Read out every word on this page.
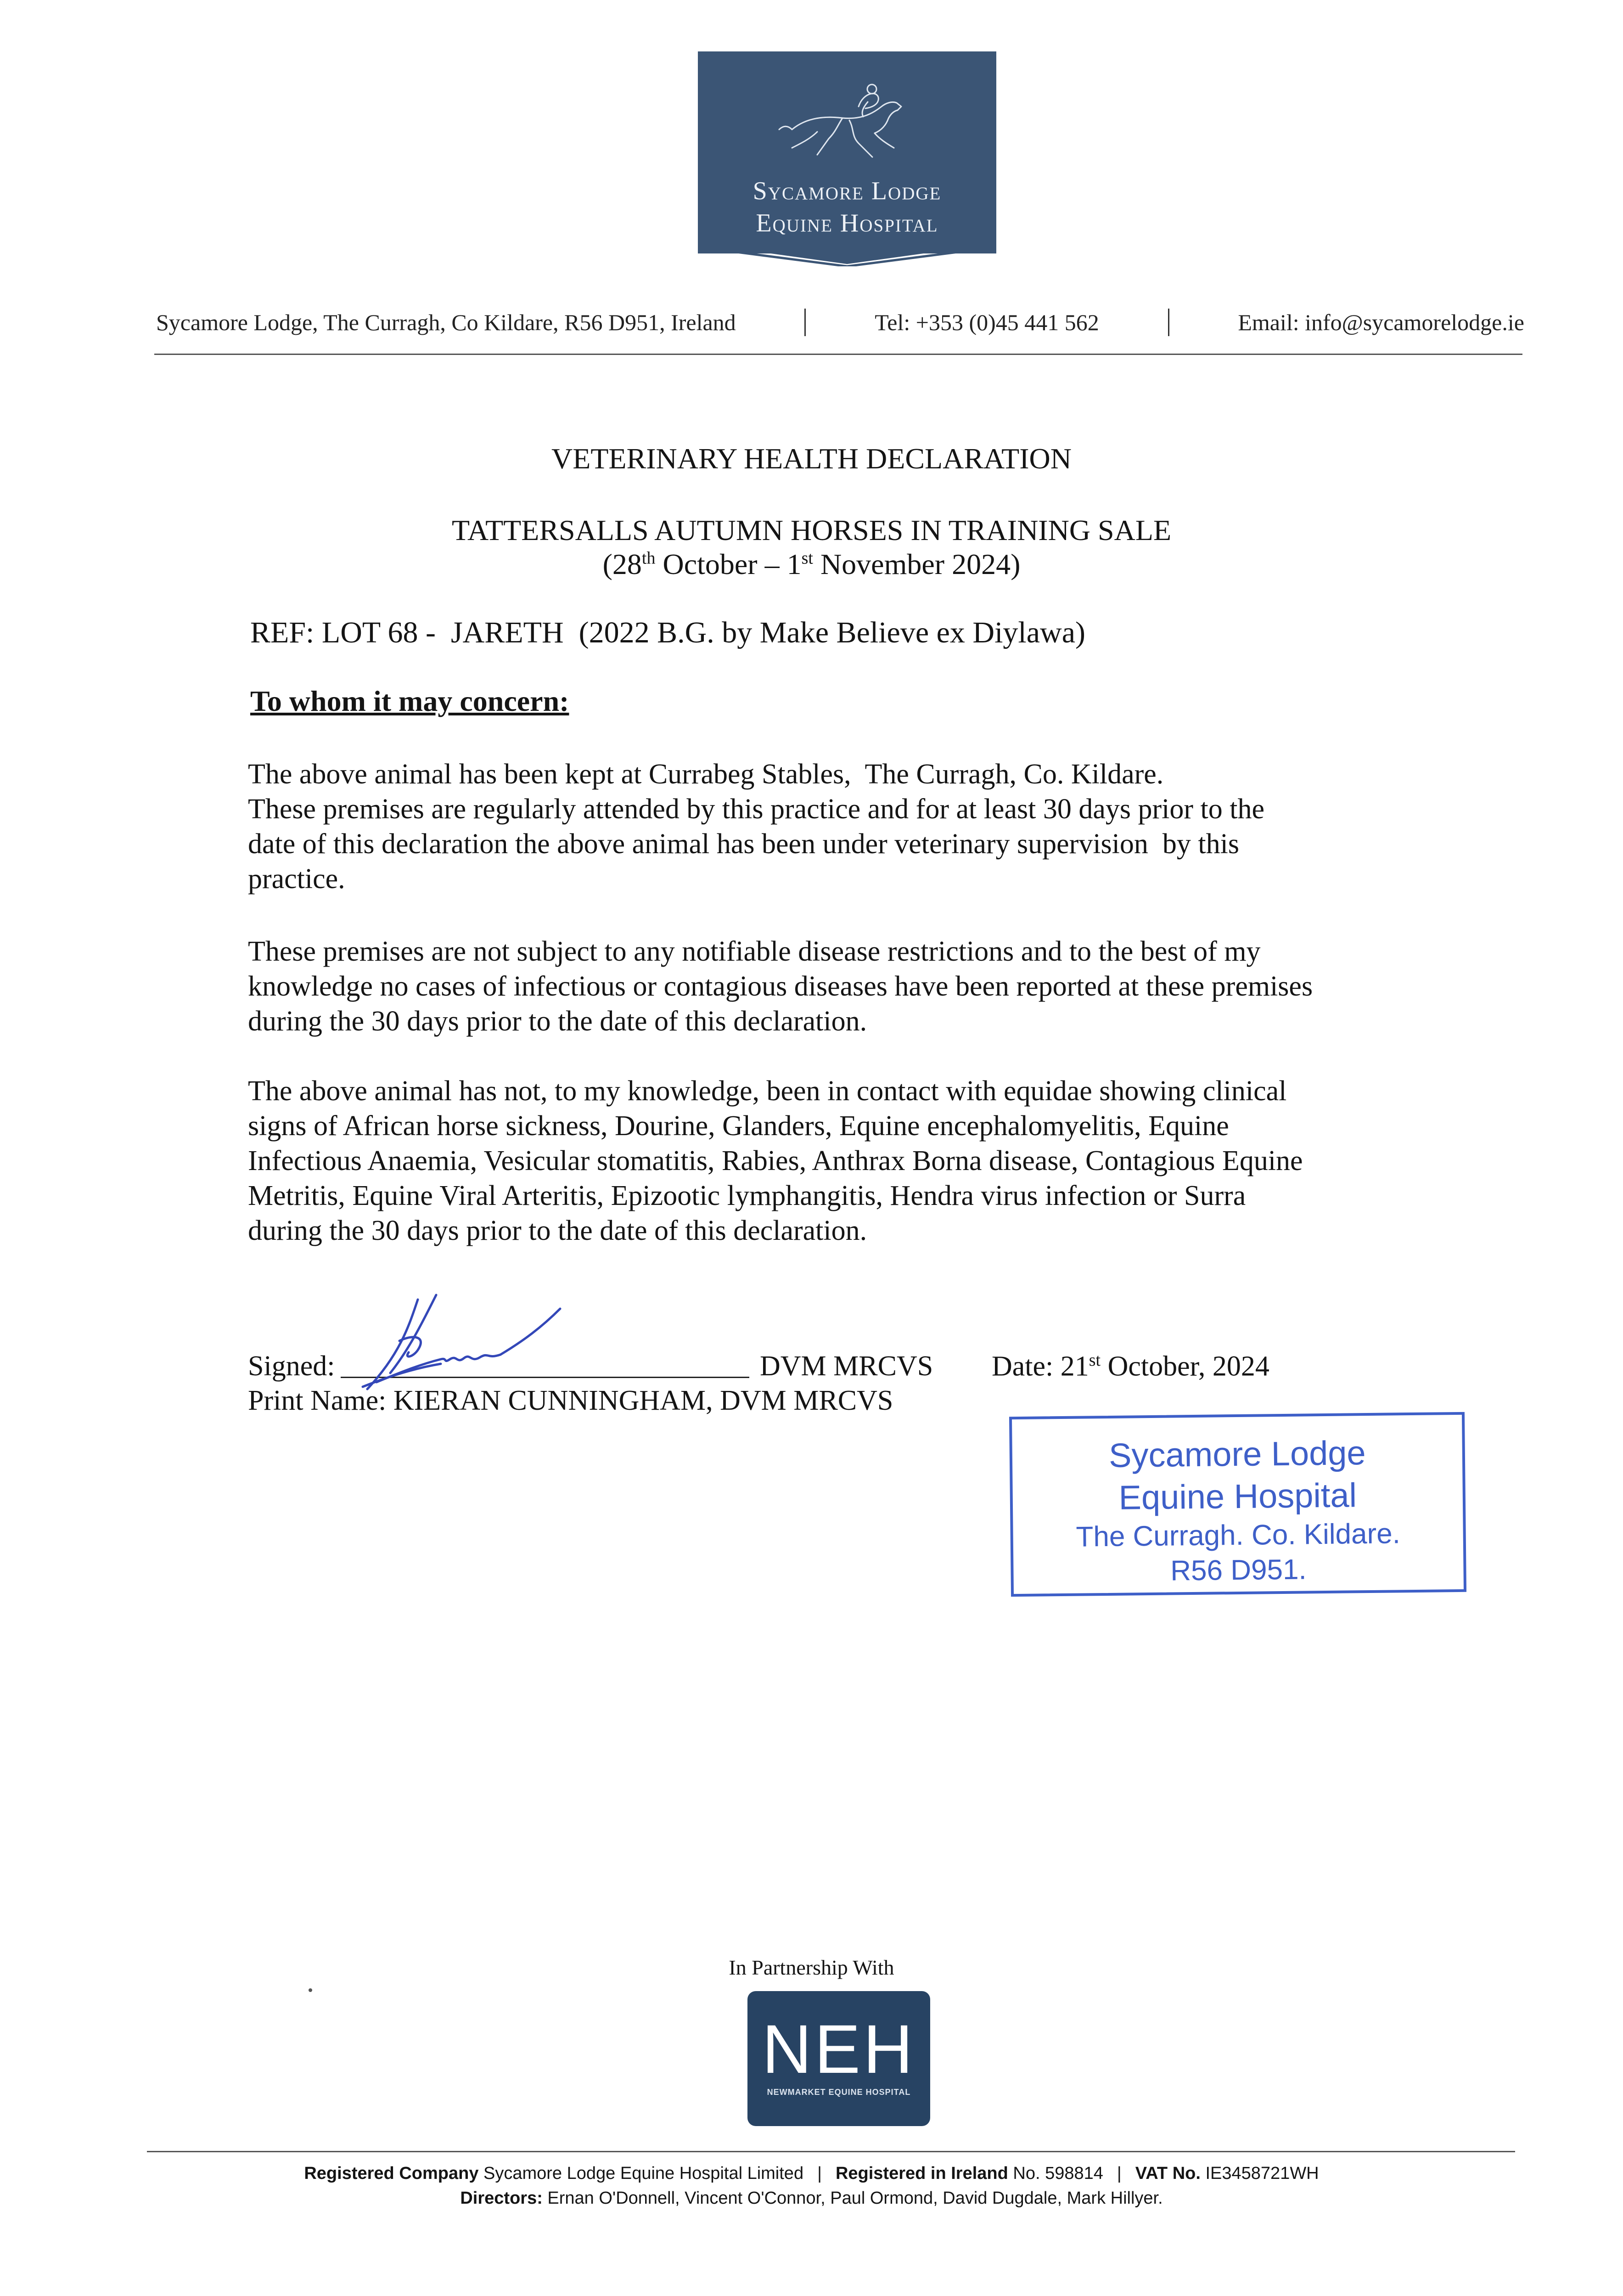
Sycamore Lodge
Equine Hospital
Sycamore Lodge, The Curragh, Co Kildare, R56 D951, Ireland	Tel: +353 (0)45 441 562	Email: info@sycamorelodge.ie
VETERINARY HEALTH DECLARATION
TATTERSALLS AUTUMN HORSES IN TRAINING SALE
(28th October – 1st November 2024)
REF: LOT 68 -  JARETH  (2022 B.G. by Make Believe ex Diylawa)
To whom it may concern:
The above animal has been kept at Currabeg Stables,  The Curragh, Co. Kildare.
These premises are regularly attended by this practice and for at least 30 days prior to the
date of this declaration the above animal has been under veterinary supervision  by this
practice.
These premises are not subject to any notifiable disease restrictions and to the best of my
knowledge no cases of infectious or contagious diseases have been reported at these premises
during the 30 days prior to the date of this declaration.
The above animal has not, to my knowledge, been in contact with equidae showing clinical
signs of African horse sickness, Dourine, Glanders, Equine encephalomyelitis, Equine
Infectious Anaemia, Vesicular stomatitis, Rabies, Anthrax Borna disease, Contagious Equine
Metritis, Equine Viral Arteritis, Epizootic lymphangitis, Hendra virus infection or Surra
during the 30 days prior to the date of this declaration.
Signed:	DVM MRCVS Date: 21st October, 2024
Print Name: KIERAN CUNNINGHAM, DVM MRCVS
Sycamore Lodge
Equine Hospital
The Curragh. Co. Kildare.
R56 D951.
In Partnership With
NEH
NEWMARKET EQUINE HOSPITAL
Registered Company Sycamore Lodge Equine Hospital Limited | Registered in Ireland No. 598814 | VAT No. IE3458721WH
Directors: Ernan O'Donnell, Vincent O'Connor, Paul Ormond, David Dugdale, Mark Hillyer.
